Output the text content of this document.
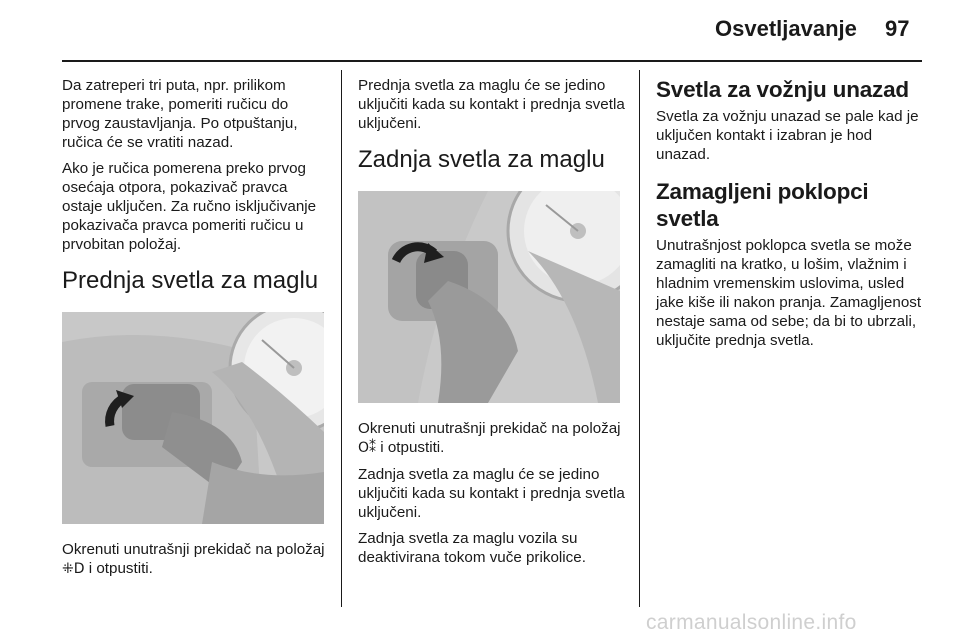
Osvetljavanje 97

Da zatreperi tri puta, npr. prilikom promene trake, pomeriti ručicu do prvog zaustavljanja. Po otpuštanju, ručica će se vratiti nazad.

Ako je ručica pomerena preko prvog osećaja otpora, pokazivač pravca ostaje uključen. Za ručno isključivanje pokazivača pravca pomeriti ručicu u prvobitan položaj.

Prednja svetla za maglu

Okrenuti unutrašnji prekidač na položaj ⁜D i otpustiti.

Prednja svetla za maglu će se jedino uključiti kada su kontakt i prednja svetla uključeni.

Zadnja svetla za maglu

Okrenuti unutrašnji prekidač na položaj O⁑ i otpustiti.

Zadnja svetla za maglu će se jedino uključiti kada su kontakt i prednja svetla uključeni.

Zadnja svetla za maglu vozila su deaktivirana tokom vuče prikolice.

Svetla za vožnju unazad

Svetla za vožnju unazad se pale kad je uključen kontakt i izabran je hod unazad.

Zamagljeni poklopci svetla

Unutrašnjost poklopca svetla se može zamagliti na kratko, u lošim, vlažnim i hladnim vremenskim uslovima, usled jake kiše ili nakon pranja. Zamagljenost nestaje sama od sebe; da bi to ubrzali, uključite prednja svetla.

carmanualsonline.info
